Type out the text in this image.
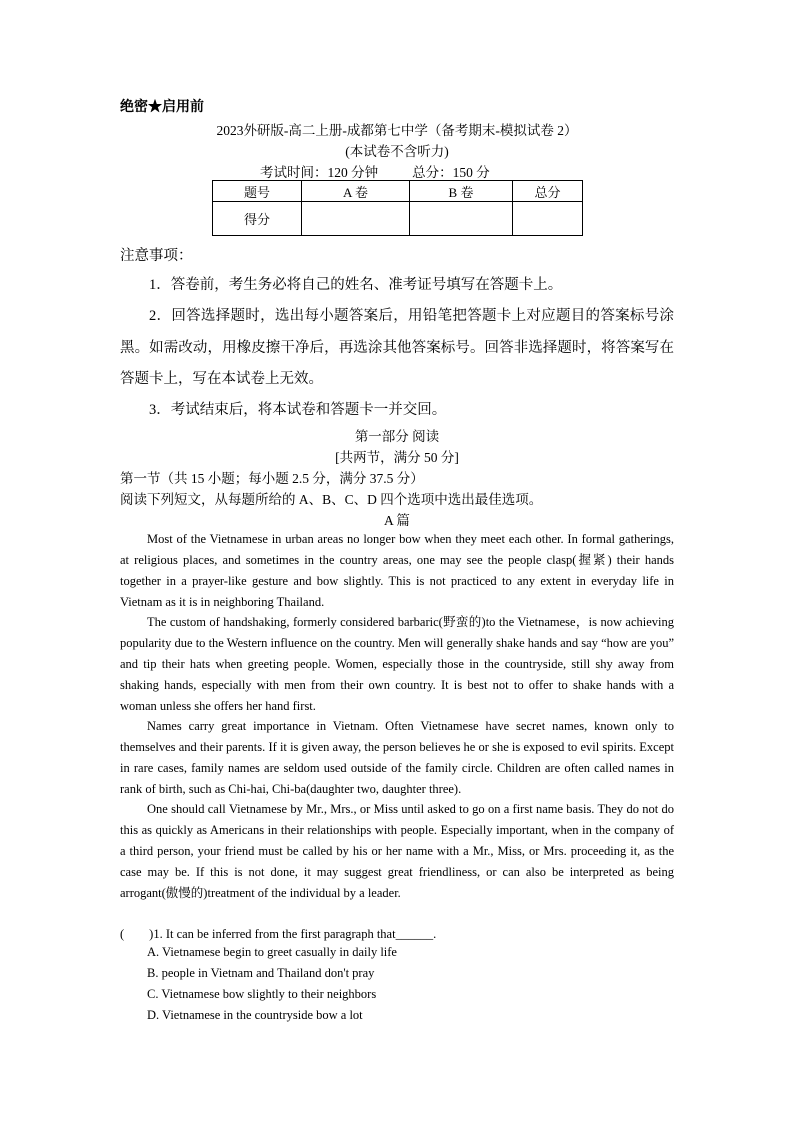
绝密★启用前
2023外研版-高二上册-成都第七中学（备考期末-模拟试卷 2）
(本试卷不含听力)
考试时间：120 分钟	总分：150 分
题号	A 卷	B 卷	总分
得分			
注意事项：
1．答卷前，考生务必将自己的姓名、准考证号填写在答题卡上。
2．回答选择题时，选出每小题答案后，用铅笔把答题卡上对应题目的答案标号涂黑。如需改动，用橡皮擦干净后，再选涂其他答案标号。回答非选择题时，将答案写在答题卡上，写在本试卷上无效。
3．考试结束后，将本试卷和答题卡一并交回。
第一部分 阅读
[共两节，满分 50 分]
第一节（共 15 小题；每小题 2.5 分，满分 37.5 分）
阅读下列短文，从每题所给的 A、B、C、D 四个选项中选出最佳选项。
A 篇
Most of the Vietnamese in urban areas no longer bow when they meet each other. In formal gatherings, at religious places, and sometimes in the country areas, one may see the people clasp(握紧) their hands together in a prayer-like gesture and bow slightly. This is not practiced to any extent in everyday life in Vietnam as it is in neighboring Thailand.
The custom of handshaking, formerly considered barbaric(野蛮的)to the Vietnamese，is now achieving popularity due to the Western influence on the country. Men will generally shake hands and say “how are you” and tip their hats when greeting people. Women, especially those in the countryside, still shy away from shaking hands, especially with men from their own country. It is best not to offer to shake hands with a woman unless she offers her hand first.
Names carry great importance in Vietnam. Often Vietnamese have secret names, known only to themselves and their parents. If it is given away, the person believes he or she is exposed to evil spirits. Except in rare cases, family names are seldom used outside of the family circle. Children are often called names in rank of birth, such as Chi-hai, Chi-ba(daughter two, daughter three).
One should call Vietnamese by Mr., Mrs., or Miss until asked to go on a first name basis. They do not do this as quickly as Americans in their relationships with people. Especially important, when in the company of a third person, your friend must be called by his or her name with a Mr., Miss, or Mrs. proceeding it, as the case may be. If this is not done, it may suggest great friendliness, or can also be interpreted as being arrogant(傲慢的)treatment of the individual by a leader.
(　　)1. It can be inferred from the first paragraph that______.
A. Vietnamese begin to greet casually in daily life
B. people in Vietnam and Thailand don't pray
C. Vietnamese bow slightly to their neighbors
D. Vietnamese in the countryside bow a lot
